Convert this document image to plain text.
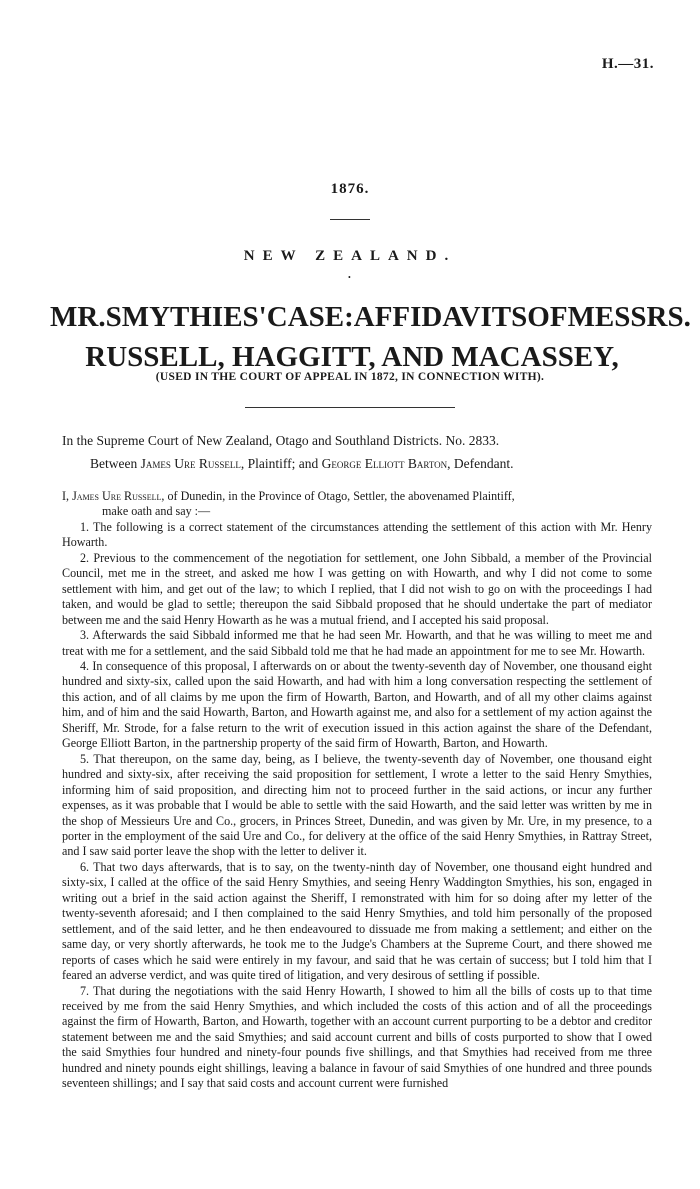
H.—31.
1876.
NEW ZEALAND.
•
MR. SMYTHIES' CASE: AFFIDAVITS OF MESSRS.
RUSSELL, HAGGITT, AND MACASSEY,
(USED IN THE COURT OF APPEAL IN 1872, IN CONNECTION WITH).
In the Supreme Court of New Zealand, Otago and Southland Districts. No. 2833.
Between James Ure Russell, Plaintiff; and George Elliott Barton, Defendant.

I, James Ure Russell, of Dunedin, in the Province of Otago, Settler, the abovenamed Plaintiff,

make oath and say :—

1. The following is a correct statement of the circumstances attending the settlement of this action with Mr. Henry Howarth.

2. Previous to the commencement of the negotiation for settlement, one John Sibbald, a member of the Provincial Council, met me in the street, and asked me how I was getting on with Howarth, and why I did not come to some settlement with him, and get out of the law; to which I replied, that I did not wish to go on with the proceedings I had taken, and would be glad to settle; thereupon the said Sibbald proposed that he should undertake the part of mediator between me and the said Henry Howarth as he was a mutual friend, and I accepted his said proposal.

3. Afterwards the said Sibbald informed me that he had seen Mr. Howarth, and that he was willing to meet me and treat with me for a settlement, and the said Sibbald told me that he had made an appointment for me to see Mr. Howarth.

4. In consequence of this proposal, I afterwards on or about the twenty-seventh day of November, one thousand eight hundred and sixty-six, called upon the said Howarth, and had with him a long conversation respecting the settlement of this action, and of all claims by me upon the firm of Howarth, Barton, and Howarth, and of all my other claims against him, and of him and the said Howarth, Barton, and Howarth against me, and also for a settlement of my action against the Sheriff, Mr. Strode, for a false return to the writ of execution issued in this action against the share of the Defendant, George Elliott Barton, in the partnership property of the said firm of Howarth, Barton, and Howarth.

5. That thereupon, on the same day, being, as I believe, the twenty-seventh day of November, one thousand eight hundred and sixty-six, after receiving the said proposition for settlement, I wrote a letter to the said Henry Smythies, informing him of said proposition, and directing him not to proceed further in the said actions, or incur any further expenses, as it was probable that I would be able to settle with the said Howarth, and the said letter was written by me in the shop of Messieurs Ure and Co., grocers, in Princes Street, Dunedin, and was given by Mr. Ure, in my presence, to a porter in the employment of the said Ure and Co., for delivery at the office of the said Henry Smythies, in Rattray Street, and I saw said porter leave the shop with the letter to deliver it.

6. That two days afterwards, that is to say, on the twenty-ninth day of November, one thousand eight hundred and sixty-six, I called at the office of the said Henry Smythies, and seeing Henry Waddington Smythies, his son, engaged in writing out a brief in the said action against the Sheriff, I remonstrated with him for so doing after my letter of the twenty-seventh aforesaid; and I then complained to the said Henry Smythies, and told him personally of the proposed settlement, and of the said letter, and he then endeavoured to dissuade me from making a settlement; and either on the same day, or very shortly afterwards, he took me to the Judge's Chambers at the Supreme Court, and there showed me reports of cases which he said were entirely in my favour, and said that he was certain of success; but I told him that I feared an adverse verdict, and was quite tired of litigation, and very desirous of settling if possible.

7. That during the negotiations with the said Henry Howarth, I showed to him all the bills of costs up to that time received by me from the said Henry Smythies, and which included the costs of this action and of all the proceedings against the firm of Howarth, Barton, and Howarth, together with an account current purporting to be a debtor and creditor statement between me and the said Smythies; and said account current and bills of costs purported to show that I owed the said Smythies four hundred and ninety-four pounds five shillings, and that Smythies had received from me three hundred and ninety pounds eight shillings, leaving a balance in favour of said Smythies of one hundred and three pounds seventeen shillings; and I say that said costs and account current were furnished
